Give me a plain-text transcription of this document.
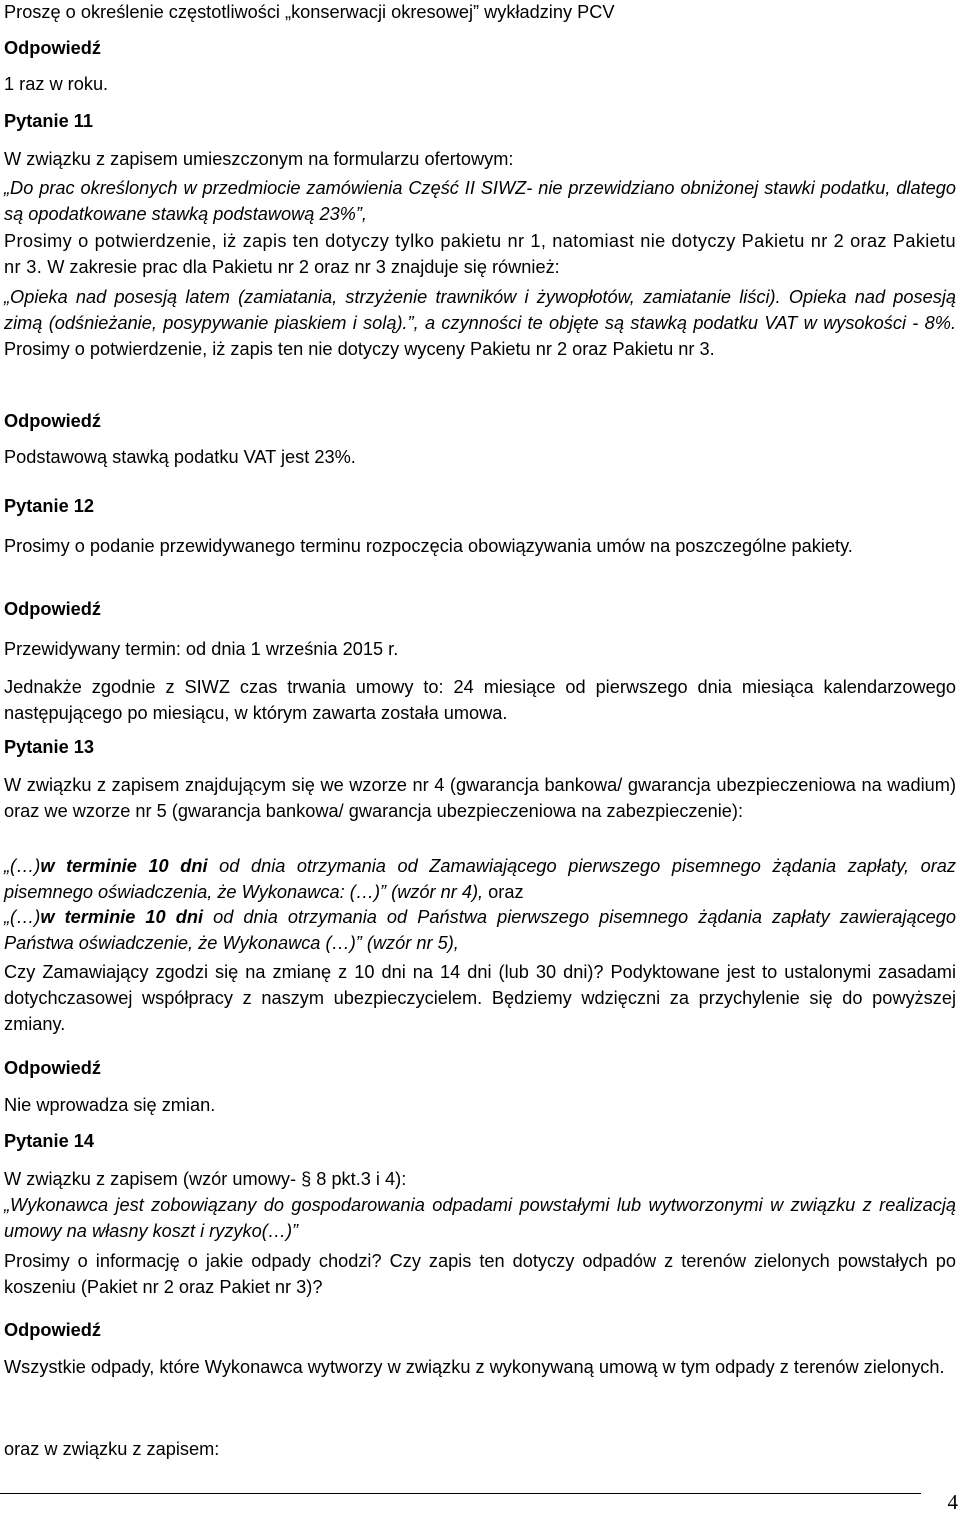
Proszę o określenie częstotliwości „konserwacji okresowej” wykładziny PCV

Odpowiedź

1 raz w roku.

Pytanie 11

W związku z zapisem umieszczonym na formularzu ofertowym:

„Do prac określonych w przedmiocie zamówienia Część II SIWZ- nie przewidziano obniżonej stawki podatku, dlatego są opodatkowane stawką podstawową 23%”,

Prosimy o potwierdzenie, iż zapis ten dotyczy tylko pakietu nr 1, natomiast nie dotyczy Pakietu nr 2 oraz Pakietu nr 3. W zakresie prac dla Pakietu nr 2 oraz nr 3 znajduje się również:

„Opieka nad posesją latem (zamiatania, strzyżenie trawników i żywopłotów, zamiatanie liści). Opieka nad posesją zimą (odśnieżanie, posypywanie piaskiem i solą).”, a czynności te objęte są stawką podatku VAT w wysokości - 8%. Prosimy o potwierdzenie, iż zapis ten nie dotyczy wyceny Pakietu nr 2 oraz Pakietu nr 3.

Odpowiedź

Podstawową stawką podatku VAT jest 23%.

Pytanie 12

Prosimy o podanie przewidywanego terminu rozpoczęcia obowiązywania umów na poszczególne pakiety.

Odpowiedź

Przewidywany termin: od dnia 1 września 2015 r.

Jednakże zgodnie z SIWZ czas trwania umowy to: 24 miesiące od pierwszego dnia miesiąca kalendarzowego następującego po miesiącu, w którym zawarta została umowa.

Pytanie 13

W związku z zapisem znajdującym się we wzorze nr 4 (gwarancja bankowa/ gwarancja ubezpieczeniowa na wadium) oraz we wzorze nr 5 (gwarancja bankowa/ gwarancja ubezpieczeniowa na zabezpieczenie):

„(…)w terminie 10 dni od dnia otrzymania od Zamawiającego pierwszego pisemnego żądania zapłaty, oraz pisemnego oświadczenia, że Wykonawca: (…)” (wzór nr 4), oraz

„(…)w terminie 10 dni od dnia otrzymania od Państwa pierwszego pisemnego żądania zapłaty zawierającego Państwa oświadczenie, że Wykonawca (…)” (wzór nr 5),

Czy Zamawiający zgodzi się na zmianę z 10 dni na 14 dni (lub 30 dni)? Podyktowane jest to ustalonymi zasadami dotychczasowej współpracy z naszym ubezpieczycielem. Będziemy wdzięczni za przychylenie się do powyższej zmiany.

Odpowiedź

Nie wprowadza się zmian.

Pytanie 14

W związku z zapisem (wzór umowy- § 8 pkt.3 i 4):

„Wykonawca jest zobowiązany do gospodarowania odpadami powstałymi lub wytworzonymi w związku z realizacją umowy na własny koszt i ryzyko(…)”

Prosimy o informację o jakie odpady chodzi? Czy zapis ten dotyczy odpadów z terenów zielonych powstałych po koszeniu (Pakiet nr 2 oraz Pakiet nr 3)?

Odpowiedź

Wszystkie odpady, które Wykonawca wytworzy w związku z wykonywaną umową w tym odpady z terenów zielonych.

oraz w związku z zapisem:

4
